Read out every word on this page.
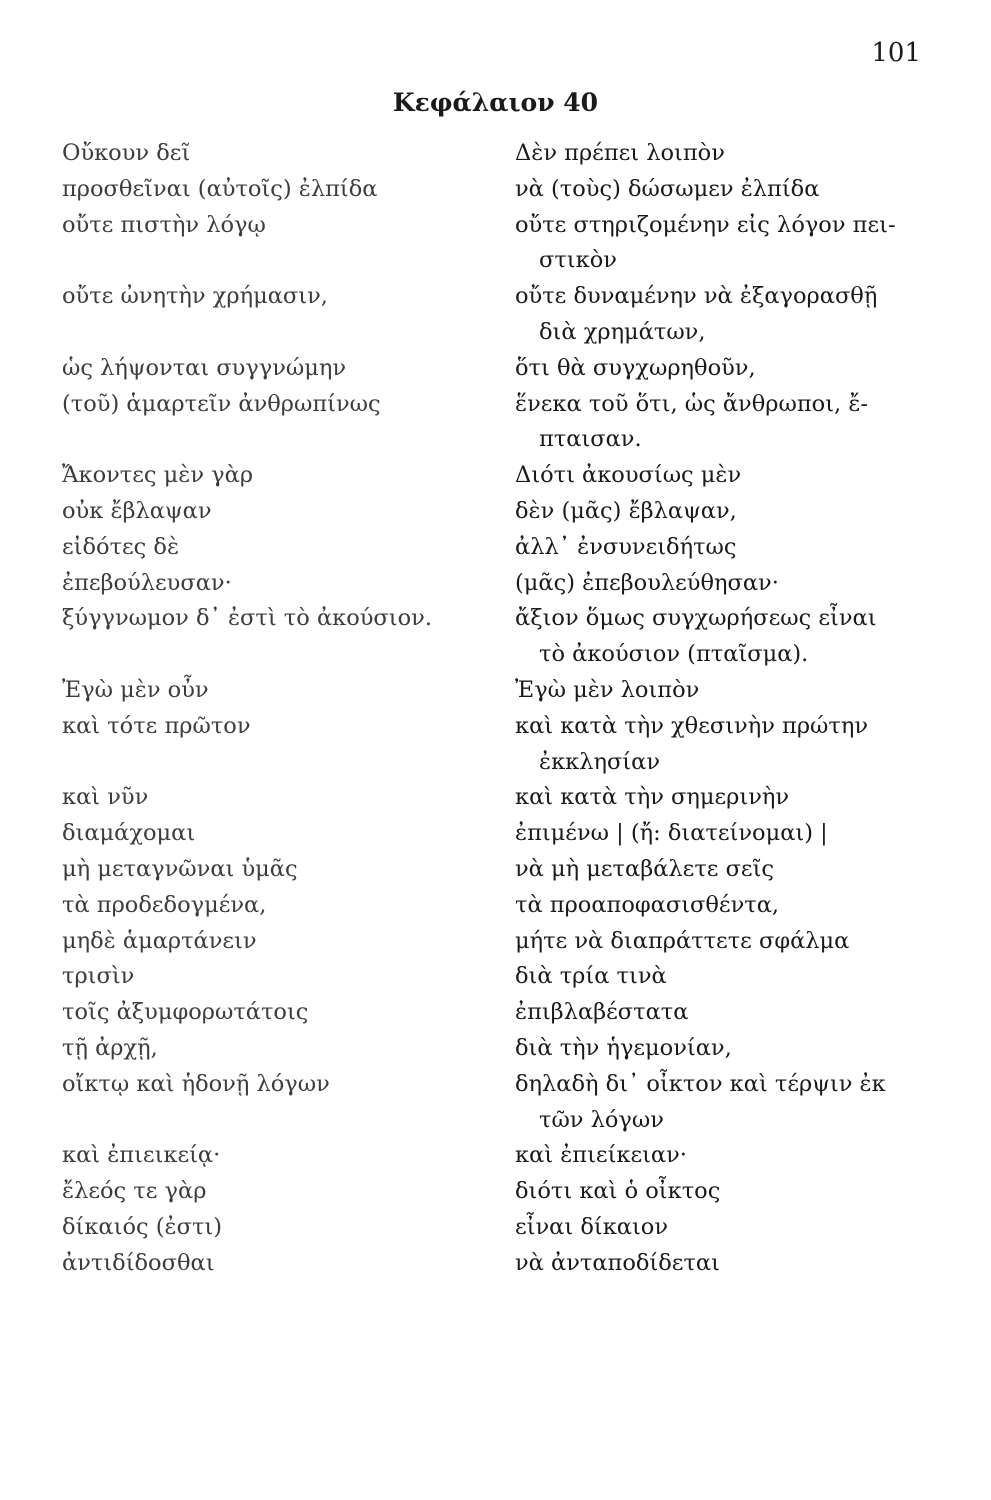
101
Κεφάλαιον 40
Οὔκουν δεῖ
προσθεῖναι (αὐτοῖς) ἐλπίδα
οὔτε πιστὴν λόγῳ
οὔτε ὠνητὴν χρήμασιν,
ὡς λήψονται συγγνώμην
(τοῦ) ἁμαρτεῖν ἀνθρωπίνως
Ἄκοντες μὲν γὰρ
οὐκ ἔβλαψαν
εἰδότες δὲ
ἐπεβούλευσαν·
ξύγγνωμον δ᾽ ἐστὶ τὸ ἀκούσιον.
Ἐγὼ μὲν οὖν
καὶ τότε πρῶτον
καὶ νῦν
διαμάχομαι
μὴ μεταγνῶναι ὑμᾶς
τὰ προδεδογμένα,
μηδὲ ἁμαρτάνειν
τρισὶν
τοῖς ἀξυμφορωτάτοις
τῇ ἀρχῇ,
οἴκτῳ καὶ ἡδονῇ λόγων
καὶ ἐπιεικείᾳ·
ἔλεός τε γὰρ
δίκαιός (ἐστι)
ἀντιδίδοσθαι
Δὲν πρέπει λοιπὸν
νὰ (τοὺς) δώσωμεν ἐλπίδα
οὔτε στηριζομένην εἰς λόγον πει-
στικὸν
οὔτε δυναμένην νὰ ἐξαγορασθῇ
διὰ χρημάτων,
ὅτι θὰ συγχωρηθοῦν,
ἕνεκα τοῦ ὅτι, ὡς ἄνθρωποι, ἔ-
πταισαν.
Διότι ἀκουσίως μὲν
δὲν (μᾶς) ἔβλαψαν,
ἀλλ᾽ ἐνσυνειδήτως
(μᾶς) ἐπεβουλεύθησαν·
ἄξιον ὅμως συγχωρήσεως εἶναι
τὸ ἀκούσιον (πταῖσμα).
Ἐγὼ μὲν λοιπὸν
καὶ κατὰ τὴν χθεσινὴν πρώτην
ἐκκλησίαν
καὶ κατὰ τὴν σημερινὴν
ἐπιμένω | (ἤ: διατείνομαι) |
νὰ μὴ μεταβάλετε σεῖς
τὰ προαποφασισθέντα,
μήτε νὰ διαπράττετε σφάλμα
διὰ τρία τινὰ
ἐπιβλαβέστατα
διὰ τὴν ἡγεμονίαν,
δηλαδὴ δι᾽ οἶκτον καὶ τέρψιν ἐκ
τῶν λόγων
καὶ ἐπιείκειαν·
διότι καὶ ὁ οἶκτος
εἶναι δίκαιον
νὰ ἀνταποδίδεται
